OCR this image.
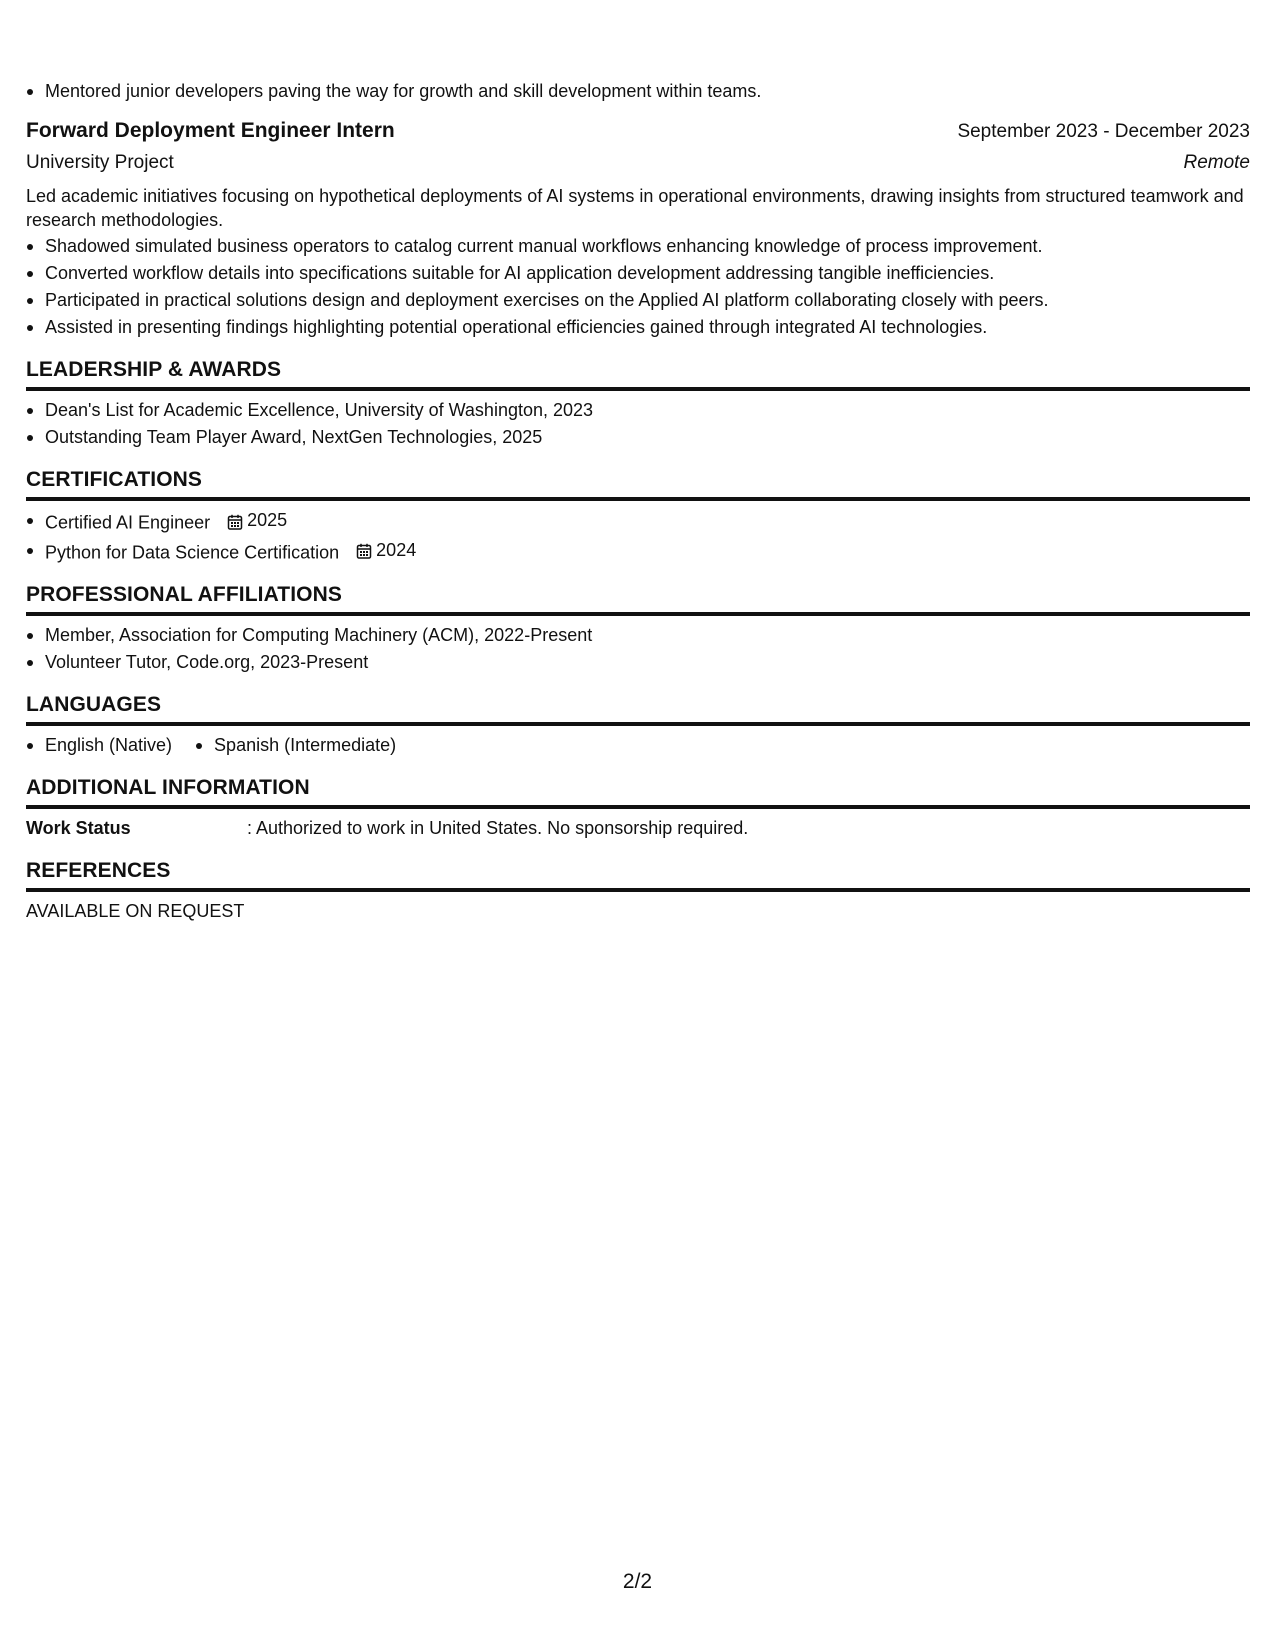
Mentored junior developers paving the way for growth and skill development within teams.
Forward Deployment Engineer Intern	September 2023 - December 2023
University Project	Remote
Led academic initiatives focusing on hypothetical deployments of AI systems in operational environments, drawing insights from structured teamwork and research methodologies.
Shadowed simulated business operators to catalog current manual workflows enhancing knowledge of process improvement.
Converted workflow details into specifications suitable for AI application development addressing tangible inefficiencies.
Participated in practical solutions design and deployment exercises on the Applied AI platform collaborating closely with peers.
Assisted in presenting findings highlighting potential operational efficiencies gained through integrated AI technologies.
LEADERSHIP & AWARDS
Dean's List for Academic Excellence, University of Washington, 2023
Outstanding Team Player Award, NextGen Technologies, 2025
CERTIFICATIONS
Certified AI Engineer 2025
Python for Data Science Certification 2024
PROFESSIONAL AFFILIATIONS
Member, Association for Computing Machinery (ACM), 2022-Present
Volunteer Tutor, Code.org, 2023-Present
LANGUAGES
English (Native)	Spanish (Intermediate)
ADDITIONAL INFORMATION
Work Status	: Authorized to work in United States. No sponsorship required.
REFERENCES
AVAILABLE ON REQUEST
2/2
